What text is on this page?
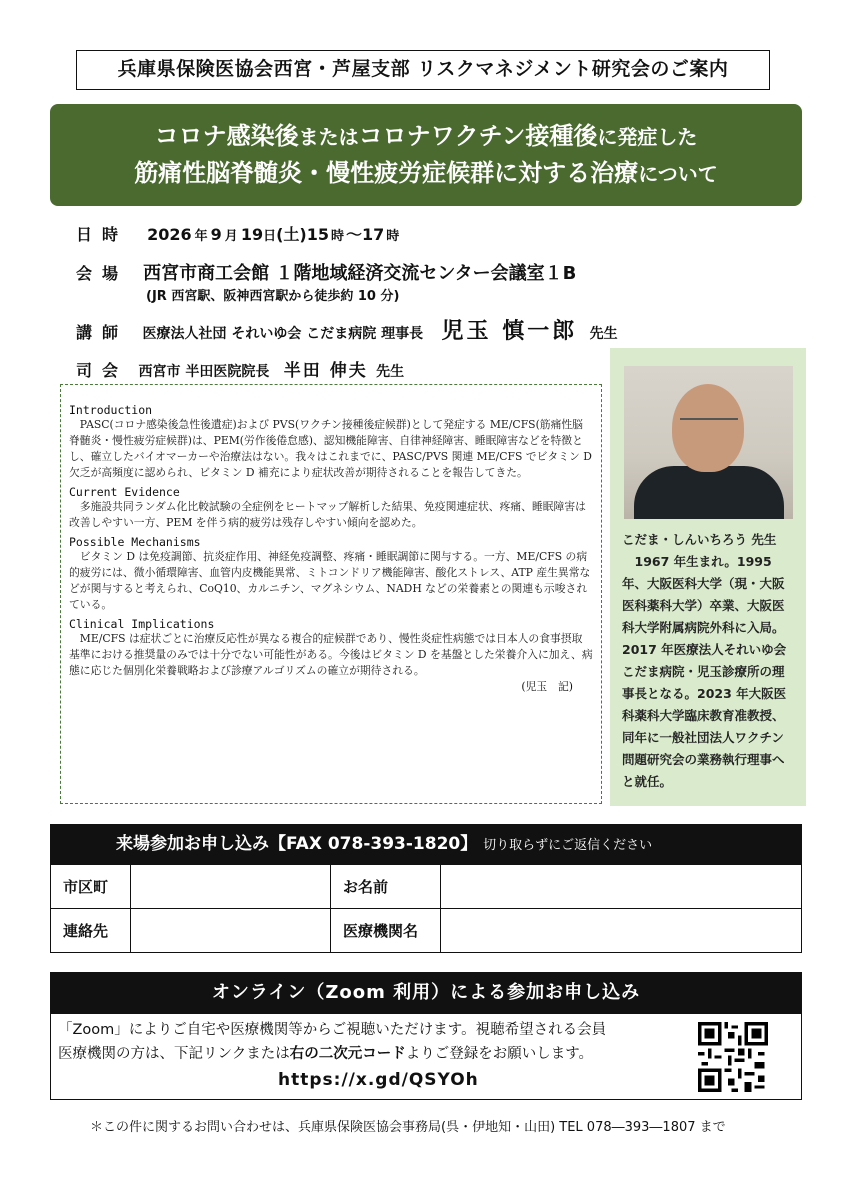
兵庫県保険医協会西宮・芦屋支部 リスクマネジメント研究会のご案内
コロナ感染後またはコロナワクチン接種後に発症した
筋痛性脳脊髄炎・慢性疲労症候群に対する治療について
日時 2026 年 9 月 19日(土)15 時 〜17 時
会場 西宮市商工会館 １階地域経済交流センター会議室１B
(JR 西宮駅、阪神西宮駅から徒歩約 10 分)
講師 医療法人社団 それいゆ会 こだま病院 理事長 児玉 慎一郎 先生
司会 西宮市 半田医院院長 半田 伸夫 先生
Introduction
PASC(コロナ感染後急性後遺症)および PVS(ワクチン接種後症候群)として発症する ME/CFS(筋痛性脳脊髄炎・慢性疲労症候群)は、PEM(労作後倦怠感)、認知機能障害、自律神経障害、睡眠障害などを特徴とし、確立したバイオマーカーや治療法はない。我々はこれまでに、PASC/PVS 関連 ME/CFS でビタミン D 欠乏が高頻度に認められ、ビタミン D 補充により症状改善が期待されることを報告してきた。
Current Evidence
多施設共同ランダム化比較試験の全症例をヒートマップ解析した結果、免疫関連症状、疼痛、睡眠障害は改善しやすい一方、PEM を伴う病的疲労は残存しやすい傾向を認めた。
Possible Mechanisms
ビタミン D は免疫調節、抗炎症作用、神経免疫調整、疼痛・睡眠調節に関与する。一方、ME/CFS の病的疲労には、微小循環障害、血管内皮機能異常、ミトコンドリア機能障害、酸化ストレス、ATP 産生異常などが関与すると考えられ、CoQ10、カルニチン、マグネシウム、NADH などの栄養素との関連も示唆されている。
Clinical Implications
ME/CFS は症状ごとに治療反応性が異なる複合的症候群であり、慢性炎症性病態では日本人の食事摂取基準における推奨量のみでは十分でない可能性がある。今後はビタミン D を基盤とした栄養介入に加え、病態に応じた個別化栄養戦略および診療アルゴリズムの確立が期待される。
(児玉　記)
こだま・しんいちろう 先生
1967 年生まれ。1995 年、大阪医科大学（現・大阪医科薬科大学）卒業、大阪医科大学附属病院外科に入局。2017 年医療法人それいゆ会 こだま病院・児玉診療所の理事長となる。2023 年大阪医科薬科大学臨床教育准教授、同年に一般社団法人ワクチン問題研究会の業務執行理事へと就任。
来場参加お申し込み【FAX 078-393-1820】 切り取らずにご返信ください
市区町		お名前	
連絡先		医療機関名	
オンライン（Zoom 利用）による参加お申し込み
「Zoom」によりご自宅や医療機関等からご視聴いただけます。視聴希望される会員
医療機関の方は、下記リンクまたは右の二次元コードよりご登録をお願いします。
https://x.gd/QSYOh
＊この件に関するお問い合わせは、兵庫県保険医協会事務局(呉・伊地知・山田) TEL 078―393―1807 まで
